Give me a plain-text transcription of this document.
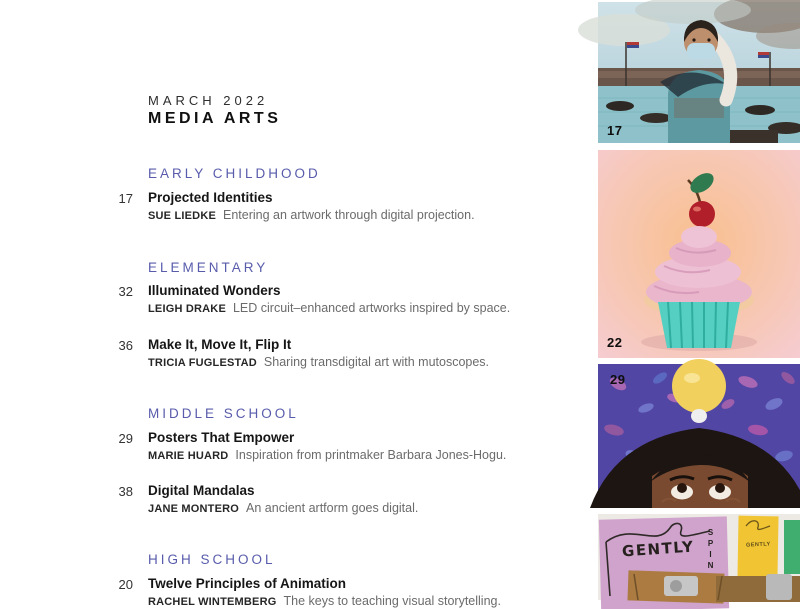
MARCH 2022
MEDIA ARTS
EARLY CHILDHOOD
ELEMENTARY
MIDDLE SCHOOL
HIGH SCHOOL
17
32
36
29
38
20
Projected Identities
SUE LIEDKE Entering an artwork through digital projection.
Illuminated Wonders
LEIGH DRAKE LED circuit–enhanced artworks inspired by space.
Make It, Move It, Flip It
TRICIA FUGLESTAD Sharing transdigital art with mutoscopes.
Posters That Empower
MARIE HUARD Inspiration from printmaker Barbara Jones-Hogu.
Digital Mandalas
JANE MONTERO An ancient artform goes digital.
Twelve Principles of Animation
RACHEL WINTEMBERG The keys to teaching visual storytelling.
17
22
29
GENTLY SPIN	GENTLY
